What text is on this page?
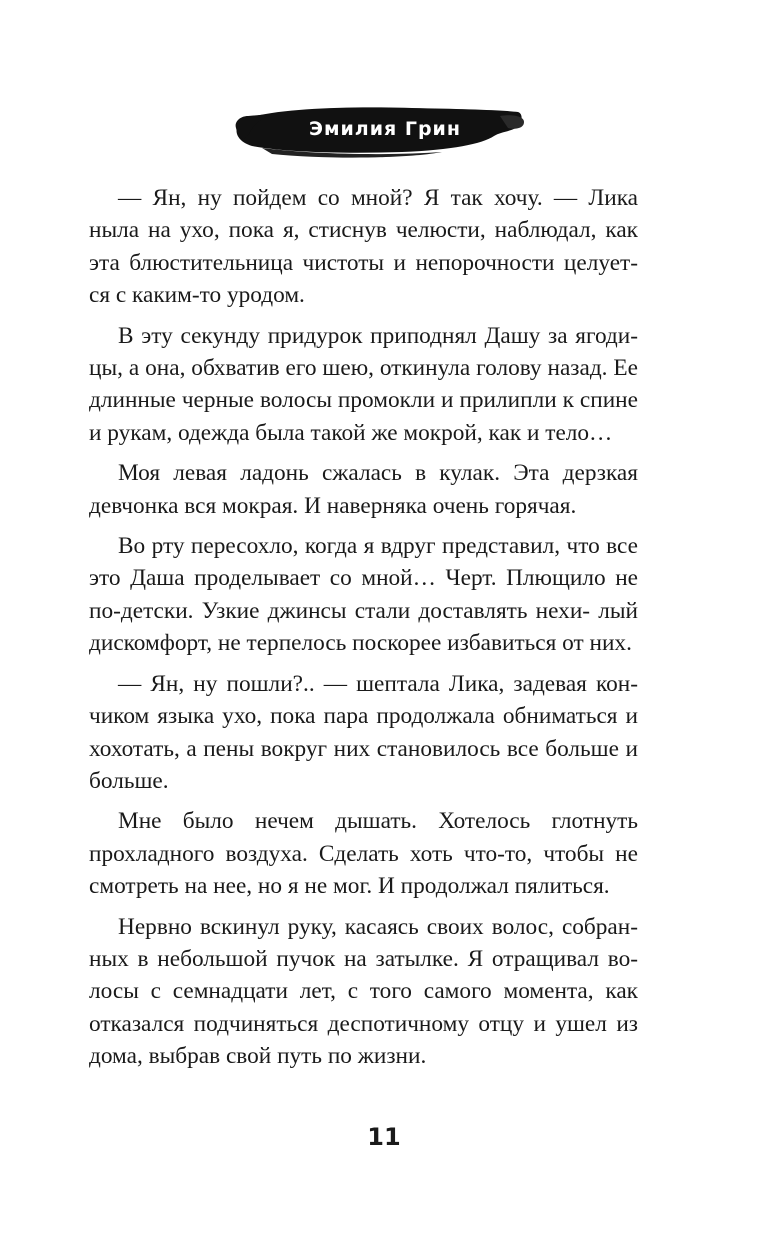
Эмилия Грин

— Ян, ну пойдем со мной? Я так хочу. — Лика ныла на ухо, пока я, стиснув челюсти, наблюдал, как эта блюстительница чистоты и непорочности целует- ся с каким-то уродом.

В эту секунду придурок приподнял Дашу за ягоди- цы, а она, обхватив его шею, откинула голову назад. Ее длинные черные волосы промокли и прилипли к спине и рукам, одежда была такой же мокрой, как и тело…

Моя левая ладонь сжалась в кулак. Эта дерзкая девчонка вся мокрая. И наверняка очень горячая.

Во рту пересохло, когда я вдруг представил, что все это Даша проделывает со мной… Черт. Плющило не по-детски. Узкие джинсы стали доставлять нехи- лый дискомфорт, не терпелось поскорее избавиться от них.

— Ян, ну пошли?.. — шептала Лика, задевая кон- чиком языка ухо, пока пара продолжала обниматься и хохотать, а пены вокруг них становилось все больше и больше.

Мне было нечем дышать. Хотелось глотнуть прохладного воздуха. Сделать хоть что-то, чтобы не смотреть на нее, но я не мог. И продолжал пялиться.

Нервно вскинул руку, касаясь своих волос, собран- ных в небольшой пучок на затылке. Я отращивал во- лосы с семнадцати лет, с того самого момента, как отказался подчиняться деспотичному отцу и ушел из дома, выбрав свой путь по жизни.

11
